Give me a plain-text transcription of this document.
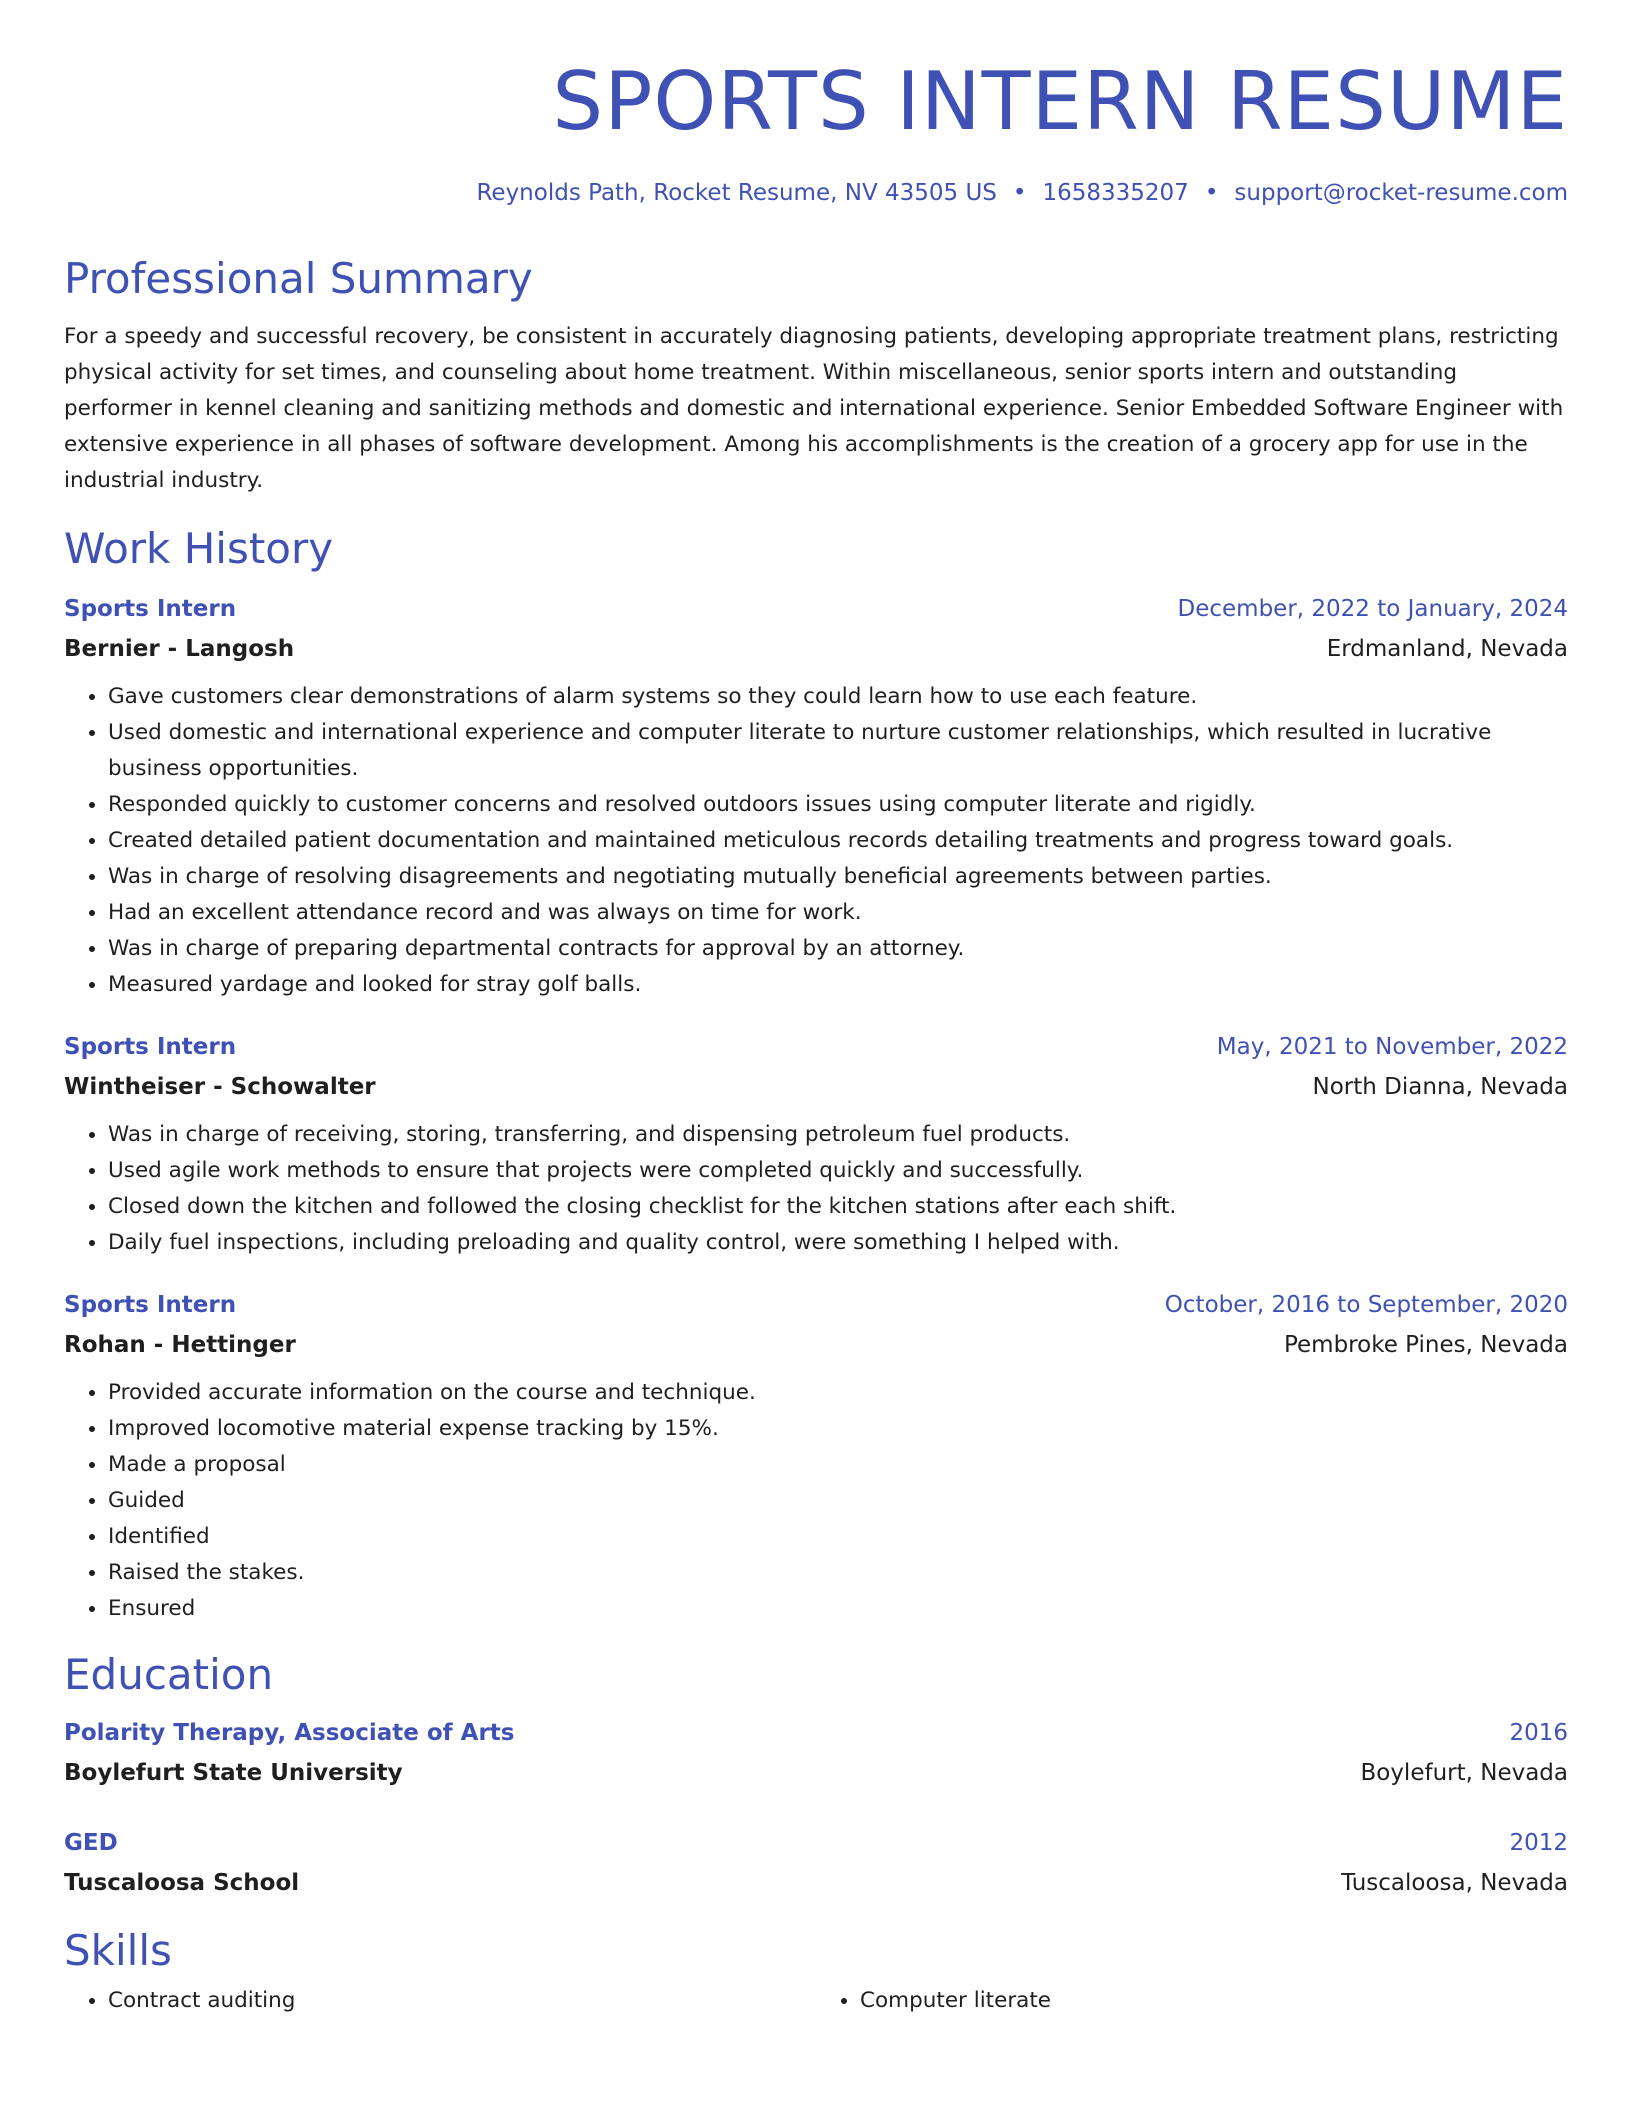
SPORTS INTERN RESUME
Reynolds Path, Rocket Resume, NV 43505 US • 1658335207 • support@rocket-resume.com
Professional Summary
For a speedy and successful recovery, be consistent in accurately diagnosing patients, developing appropriate treatment plans, restricting physical activity for set times, and counseling about home treatment. Within miscellaneous, senior sports intern and outstanding performer in kennel cleaning and sanitizing methods and domestic and international experience. Senior Embedded Software Engineer with extensive experience in all phases of software development. Among his accomplishments is the creation of a grocery app for use in the industrial industry.
Work History
Sports Intern	December, 2022 to January, 2024
Bernier - Langosh	Erdmanland, Nevada
• Gave customers clear demonstrations of alarm systems so they could learn how to use each feature.
• Used domestic and international experience and computer literate to nurture customer relationships, which resulted in lucrative business opportunities.
• Responded quickly to customer concerns and resolved outdoors issues using computer literate and rigidly.
• Created detailed patient documentation and maintained meticulous records detailing treatments and progress toward goals.
• Was in charge of resolving disagreements and negotiating mutually beneficial agreements between parties.
• Had an excellent attendance record and was always on time for work.
• Was in charge of preparing departmental contracts for approval by an attorney.
• Measured yardage and looked for stray golf balls.
Sports Intern	May, 2021 to November, 2022
Wintheiser - Schowalter	North Dianna, Nevada
• Was in charge of receiving, storing, transferring, and dispensing petroleum fuel products.
• Used agile work methods to ensure that projects were completed quickly and successfully.
• Closed down the kitchen and followed the closing checklist for the kitchen stations after each shift.
• Daily fuel inspections, including preloading and quality control, were something I helped with.
Sports Intern	October, 2016 to September, 2020
Rohan - Hettinger	Pembroke Pines, Nevada
• Provided accurate information on the course and technique.
• Improved locomotive material expense tracking by 15%.
• Made a proposal
• Guided
• Identified
• Raised the stakes.
• Ensured
Education
Polarity Therapy, Associate of Arts	2016
Boylefurt State University	Boylefurt, Nevada
GED	2012
Tuscaloosa School	Tuscaloosa, Nevada
Skills
• Contract auditing
•	Computer literate
